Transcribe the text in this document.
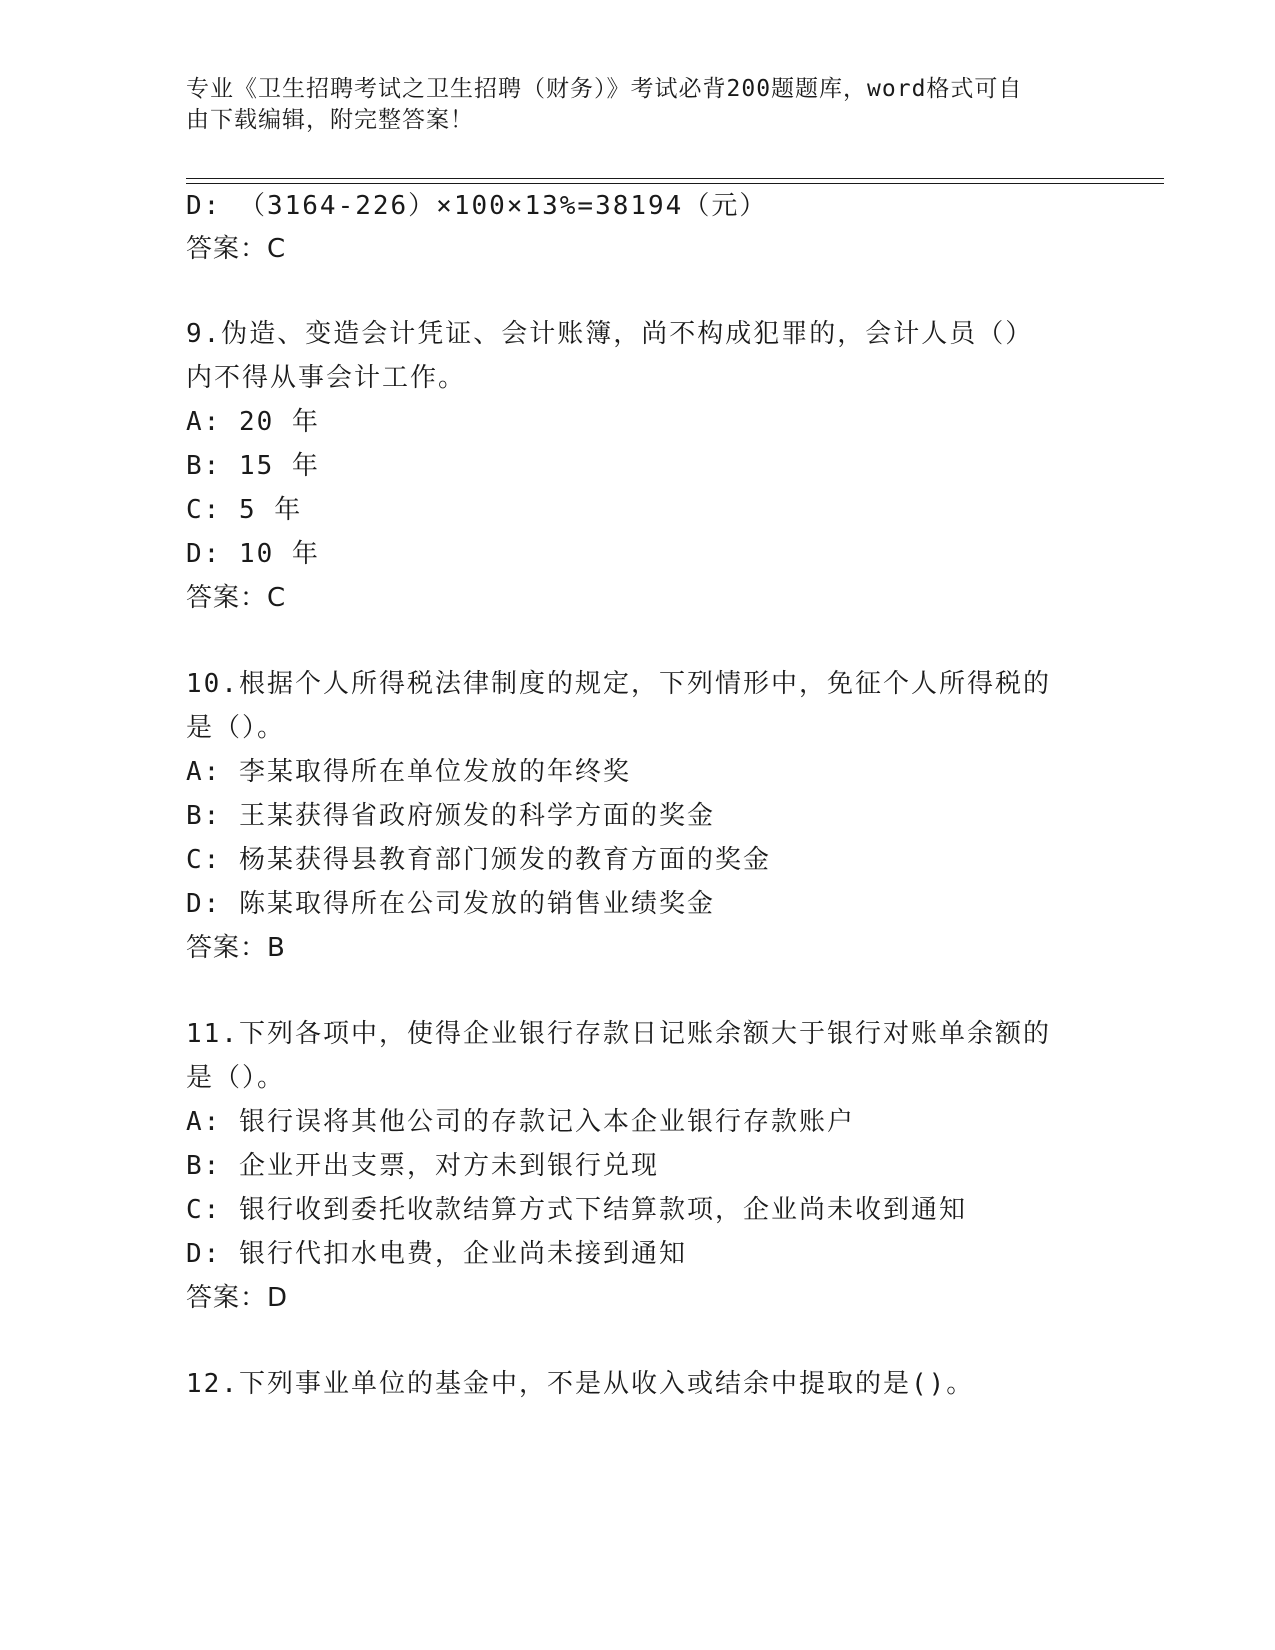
专业《卫生招聘考试之卫生招聘（财务）》考试必背200题题库，word格式可自
由下载编辑，附完整答案！
D: （3164-226）×100×13%=38194（元）
答案：C
9.伪造、变造会计凭证、会计账簿，尚不构成犯罪的，会计人员（）
内不得从事会计工作。
A: 20 年
B: 15 年
C: 5 年
D: 10 年
答案：C
10.根据个人所得税法律制度的规定，下列情形中，免征个人所得税的
是（）。
A: 李某取得所在单位发放的年终奖
B: 王某获得省政府颁发的科学方面的奖金
C: 杨某获得县教育部门颁发的教育方面的奖金
D: 陈某取得所在公司发放的销售业绩奖金
答案：B
11.下列各项中，使得企业银行存款日记账余额大于银行对账单余额的
是（）。
A: 银行误将其他公司的存款记入本企业银行存款账户
B: 企业开出支票，对方未到银行兑现
C: 银行收到委托收款结算方式下结算款项，企业尚未收到通知
D: 银行代扣水电费，企业尚未接到通知
答案：D
12.下列事业单位的基金中，不是从收入或结余中提取的是()。
